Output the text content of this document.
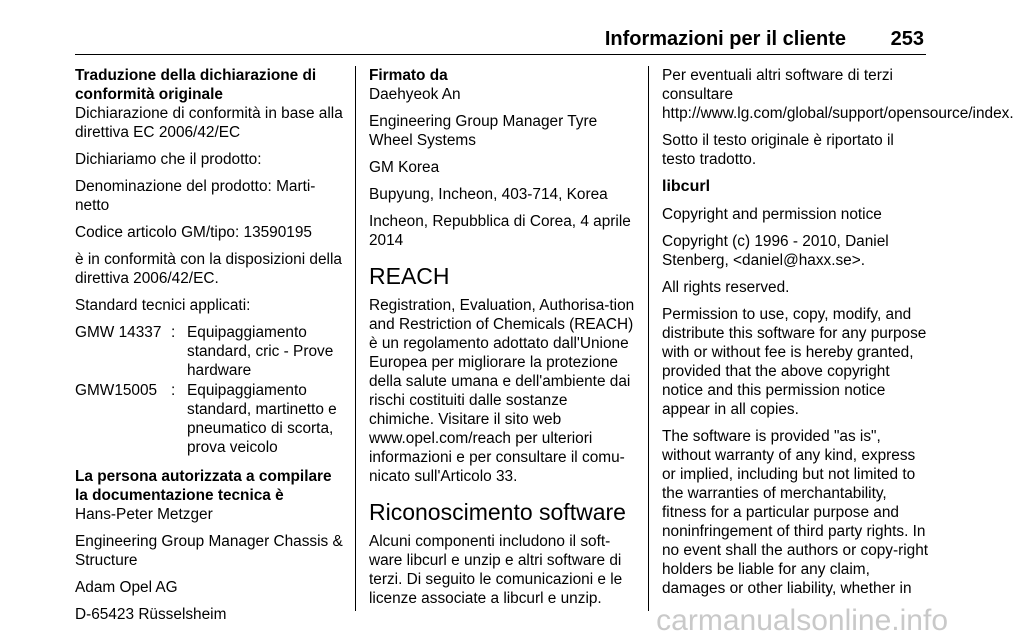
Informazioni per il cliente 253

Traduzione della dichiarazione di conformità originale

Dichiarazione di conformità in base alla direttiva EC 2006/42/EC

Dichiariamo che il prodotto:

Denominazione del prodotto: Marti-netto

Codice articolo GM/tipo: 13590195

è in conformità con la disposizioni della direttiva 2006/42/EC.

Standard tecnici applicati:

GMW 14337 : Equipaggiamento standard, cric - Prove hardware
GMW15005 : Equipaggiamento standard, martinetto e pneumatico di scorta, prova veicolo

La persona autorizzata a compilare la documentazione tecnica è

Hans-Peter Metzger

Engineering Group Manager Chassis & Structure

Adam Opel AG

D-65423 Rüsselsheim

Firmato da

Daehyeok An

Engineering Group Manager Tyre Wheel Systems

GM Korea

Bupyung, Incheon, 403-714, Korea

Incheon, Repubblica di Corea, 4 aprile 2014

REACH

Registration, Evaluation, Authorisa-tion and Restriction of Chemicals (REACH) è un regolamento adottato dall'Unione Europea per migliorare la protezione della salute umana e dell'ambiente dai rischi costituiti dalle sostanze chimiche. Visitare il sito web www.opel.com/reach per ulteriori informazioni e per consultare il comu-nicato sull'Articolo 33.

Riconoscimento software

Alcuni componenti includono il soft-ware libcurl e unzip e altri software di terzi. Di seguito le comunicazioni e le licenze associate a libcurl e unzip.

Per eventuali altri software di terzi consultare http://www.lg.com/global/support/opensource/index.

Sotto il testo originale è riportato il testo tradotto.

libcurl

Copyright and permission notice

Copyright (c) 1996 - 2010, Daniel Stenberg, <daniel@haxx.se>.

All rights reserved.

Permission to use, copy, modify, and distribute this software for any purpose with or without fee is hereby granted, provided that the above copyright notice and this permission notice appear in all copies.

The software is provided "as is", without warranty of any kind, express or implied, including but not limited to the warranties of merchantability, fitness for a particular purpose and noninfringement of third party rights. In no event shall the authors or copy-right holders be liable for any claim, damages or other liability, whether in

carmanualsonline.info
